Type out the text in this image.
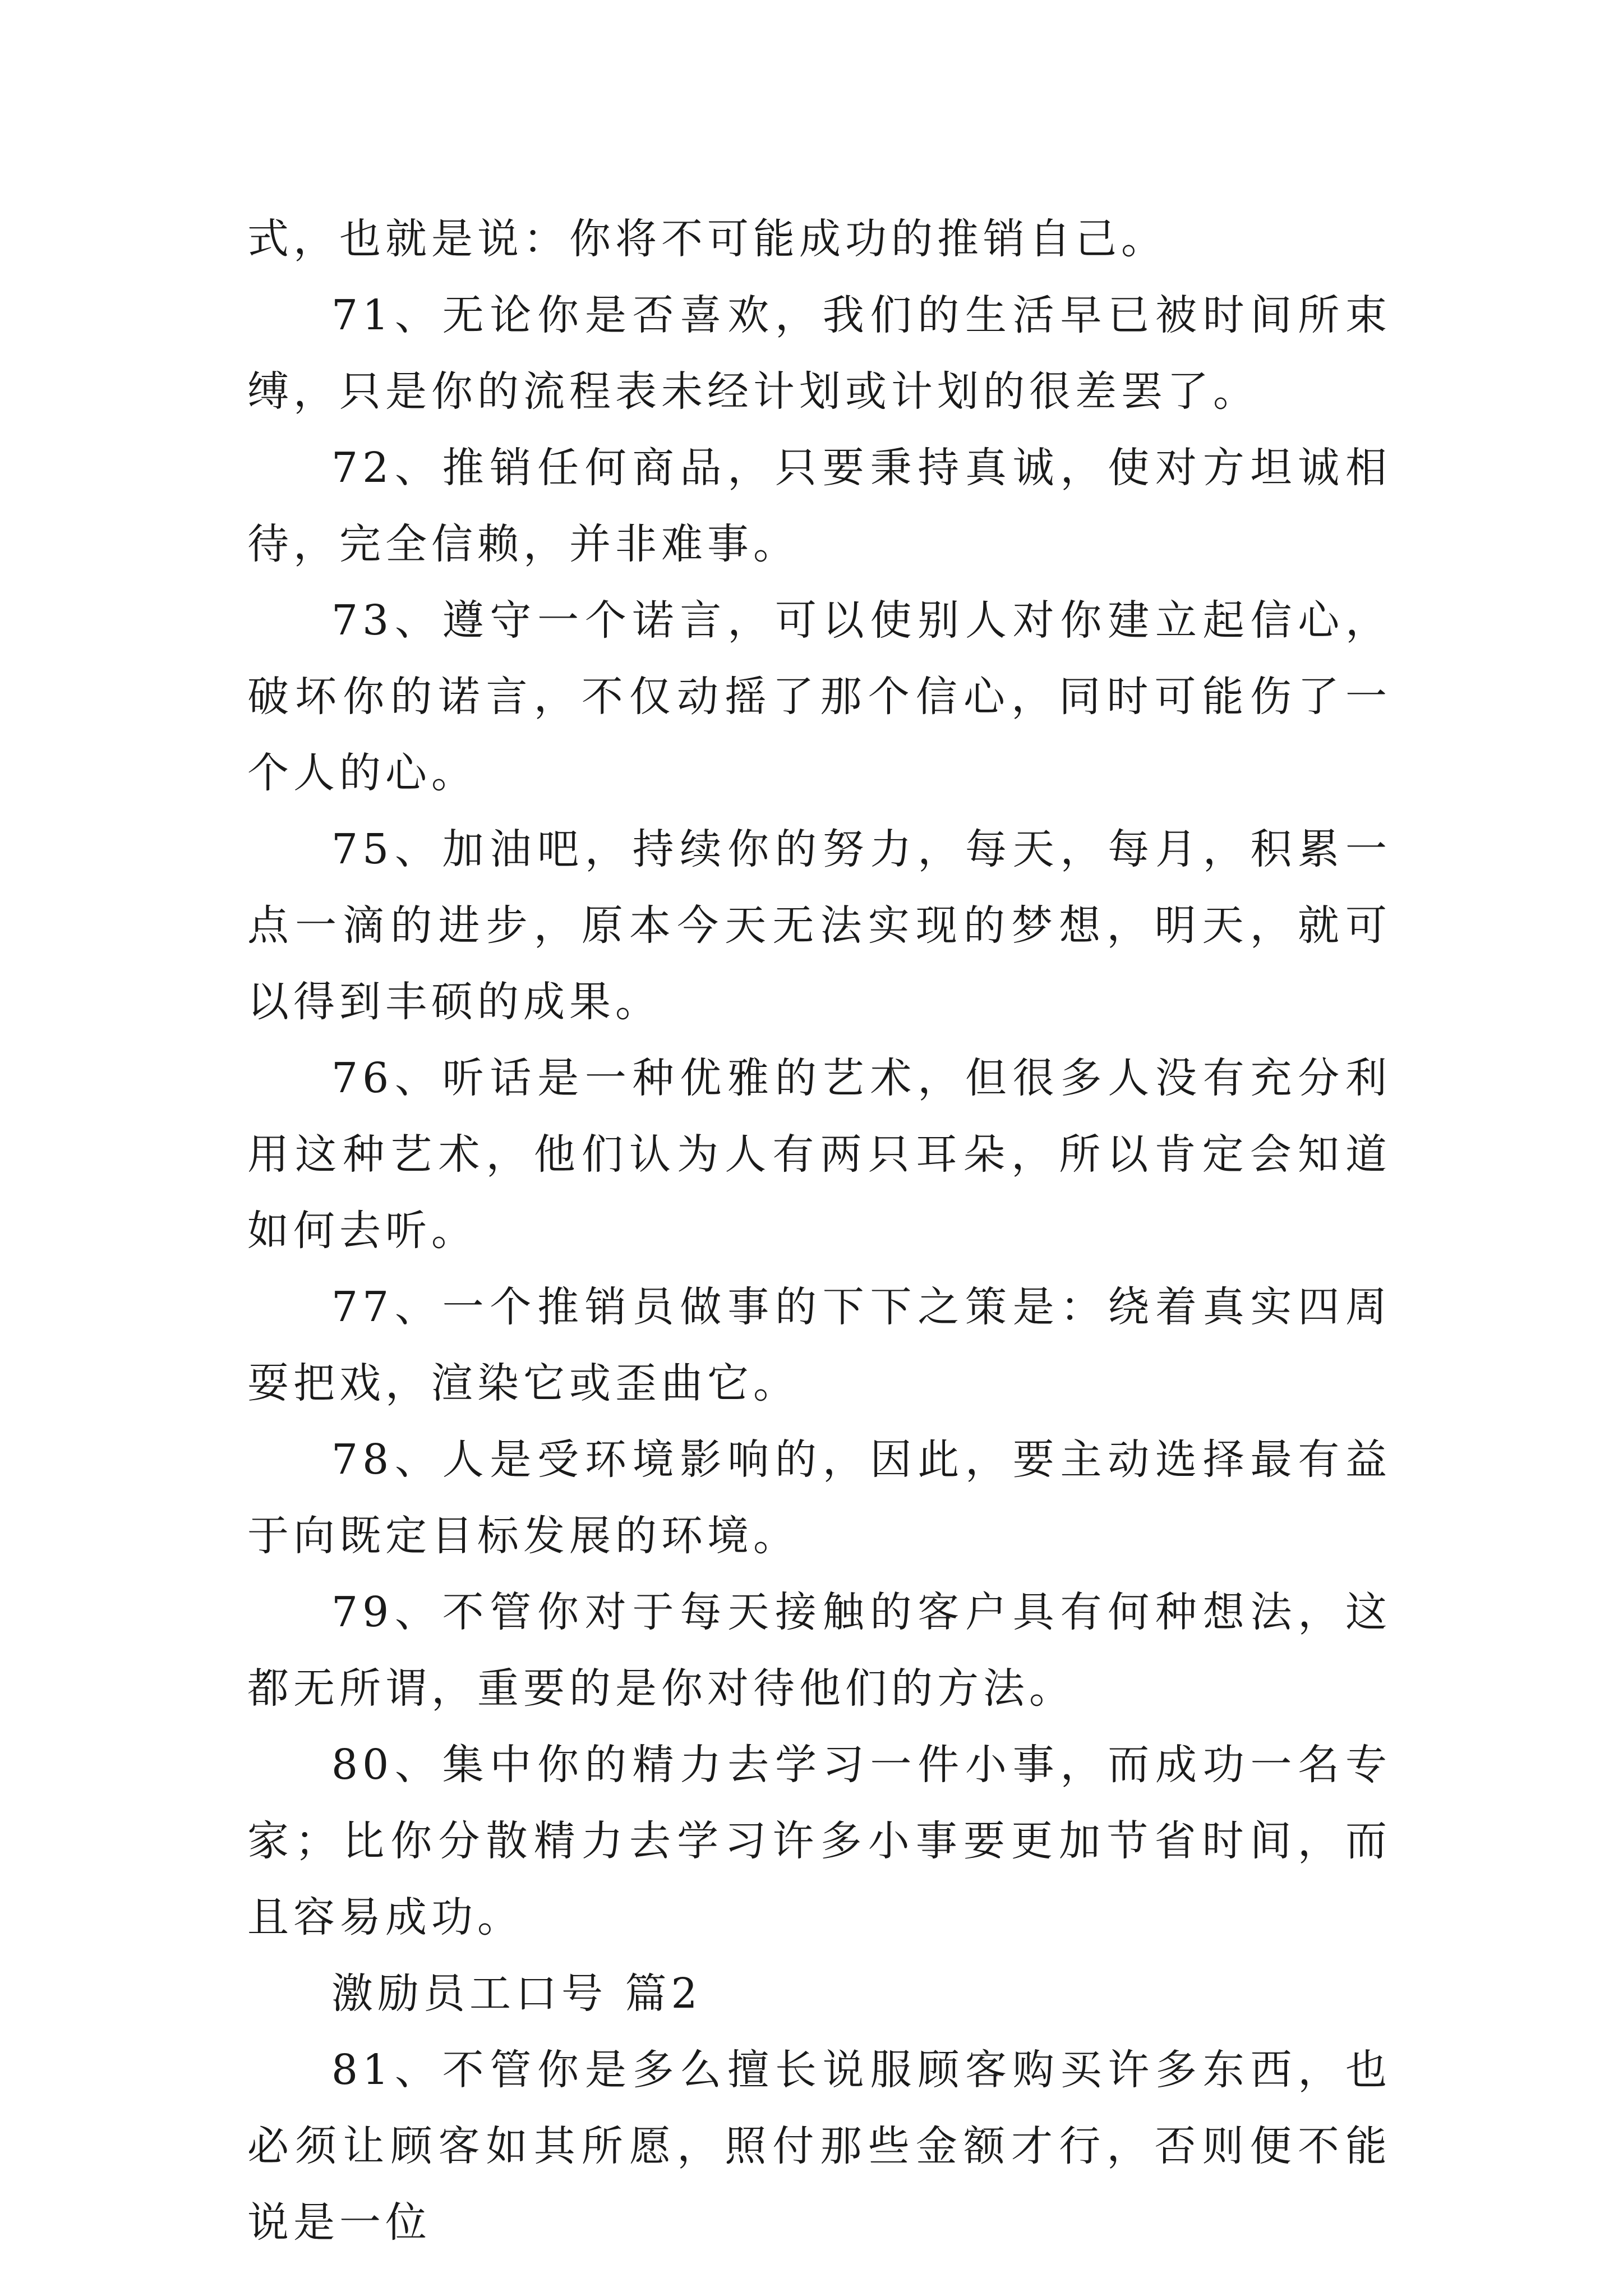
式，也就是说：你将不可能成功的推销自己。

71、无论你是否喜欢，我们的生活早已被时间所束缚，只是你的流程表未经计划或计划的很差罢了。

72、推销任何商品，只要秉持真诚，使对方坦诚相待，完全信赖，并非难事。

73、遵守一个诺言，可以使别人对你建立起信心，破坏你的诺言，不仅动摇了那个信心，同时可能伤了一个人的心。

75、加油吧，持续你的努力，每天，每月，积累一点一滴的进步，原本今天无法实现的梦想，明天，就可以得到丰硕的成果。

76、听话是一种优雅的艺术，但很多人没有充分利用这种艺术，他们认为人有两只耳朵，所以肯定会知道如何去听。

77、一个推销员做事的下下之策是：绕着真实四周耍把戏，渲染它或歪曲它。

78、人是受环境影响的，因此，要主动选择最有益于向既定目标发展的环境。

79、不管你对于每天接触的客户具有何种想法，这都无所谓，重要的是你对待他们的方法。

80、集中你的精力去学习一件小事，而成功一名专家；比你分散精力去学习许多小事要更加节省时间，而且容易成功。

激励员工口号 篇2

81、不管你是多么擅长说服顾客购买许多东西，也必须让顾客如其所愿，照付那些金额才行，否则便不能说是一位
